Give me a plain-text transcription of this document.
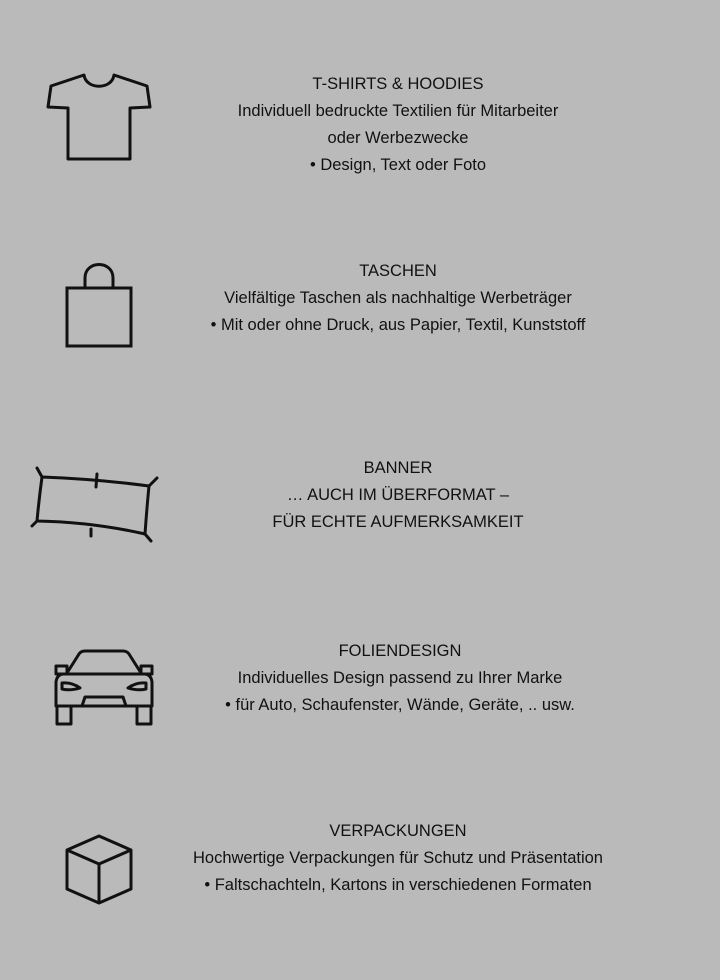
T-SHIRTS & HOODIES
Individuell bedruckte Textilien für Mitarbeiter
oder Werbezwecke
• Design, Text oder Foto
TASCHEN
Vielfältige Taschen als nachhaltige Werbeträger
• Mit oder ohne Druck, aus Papier, Textil, Kunststoff
BANNER
… AUCH IM ÜBERFORMAT –
FÜR ECHTE AUFMERKSAMKEIT
FOLIENDESIGN
Individuelles Design passend zu Ihrer Marke
• für Auto, Schaufenster, Wände, Geräte, .. usw.
VERPACKUNGEN
Hochwertige Verpackungen für Schutz und Präsentation
• Faltschachteln, Kartons in verschiedenen Formaten
